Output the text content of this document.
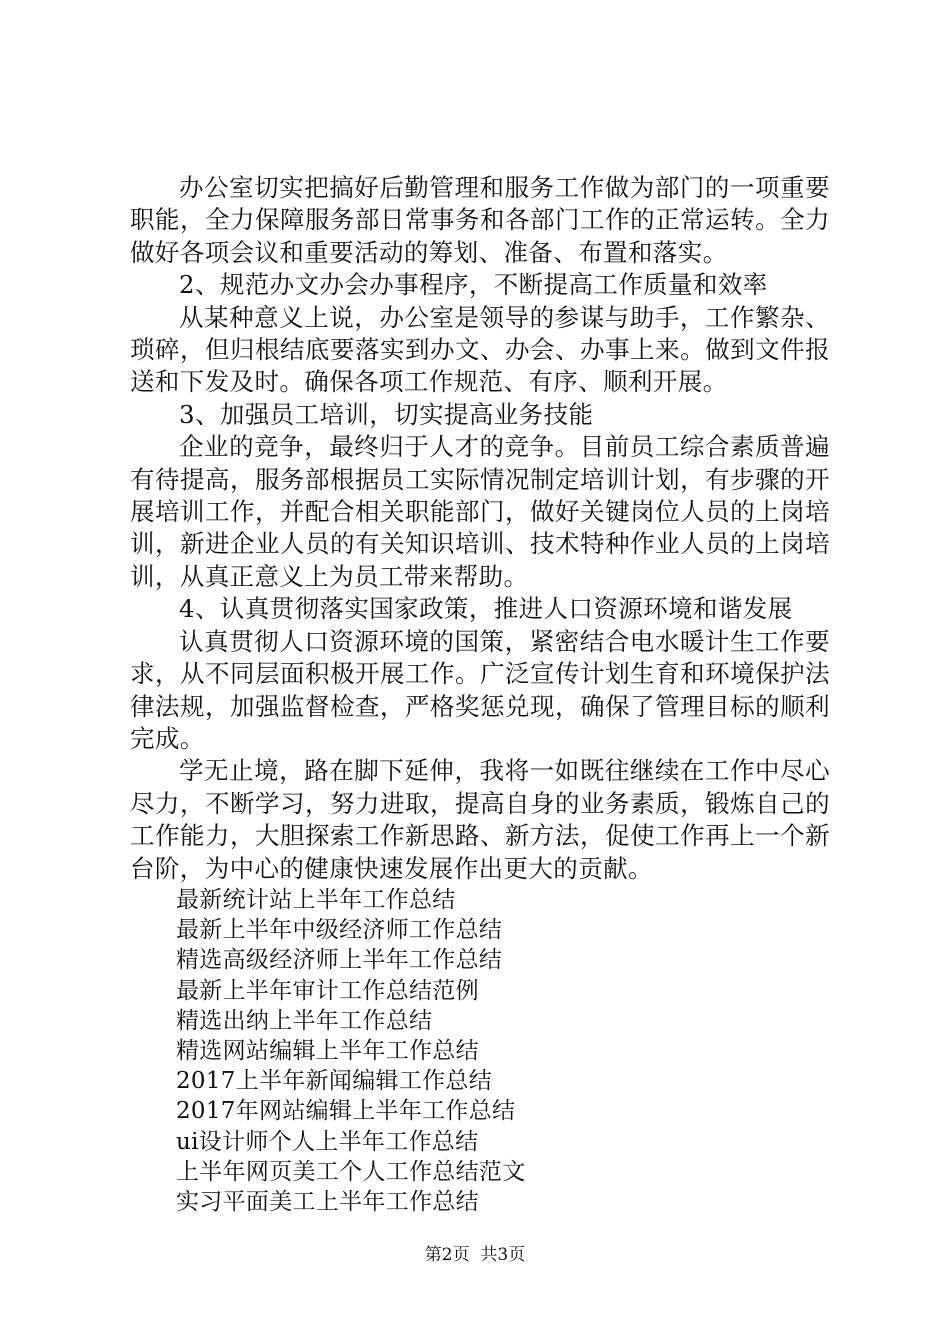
办公室切实把搞好后勤管理和服务工作做为部门的一项重要职能，全力保障服务部日常事务和各部门工作的正常运转。全力做好各项会议和重要活动的筹划、准备、布置和落实。

2、规范办文办会办事程序，不断提高工作质量和效率

从某种意义上说，办公室是领导的参谋与助手，工作繁杂、琐碎，但归根结底要落实到办文、办会、办事上来。做到文件报送和下发及时。确保各项工作规范、有序、顺利开展。

3、加强员工培训，切实提高业务技能

企业的竞争，最终归于人才的竞争。目前员工综合素质普遍有待提高，服务部根据员工实际情况制定培训计划，有步骤的开展培训工作，并配合相关职能部门，做好关键岗位人员的上岗培训，新进企业人员的有关知识培训、技术特种作业人员的上岗培训，从真正意义上为员工带来帮助。

4、认真贯彻落实国家政策，推进人口资源环境和谐发展

认真贯彻人口资源环境的国策，紧密结合电水暖计生工作要求，从不同层面积极开展工作。广泛宣传计划生育和环境保护法律法规，加强监督检查，严格奖惩兑现，确保了管理目标的顺利完成。

学无止境，路在脚下延伸，我将一如既往继续在工作中尽心尽力，不断学习，努力进取，提高自身的业务素质，锻炼自己的工作能力，大胆探索工作新思路、新方法，促使工作再上一个新台阶，为中心的健康快速发展作出更大的贡献。

最新统计站上半年工作总结
最新上半年中级经济师工作总结
精选高级经济师上半年工作总结
最新上半年审计工作总结范例
精选出纳上半年工作总结
精选网站编辑上半年工作总结
2017上半年新闻编辑工作总结
2017年网站编辑上半年工作总结
ui设计师个人上半年工作总结
上半年网页美工个人工作总结范文
实习平面美工上半年工作总结
第2页  共3页
